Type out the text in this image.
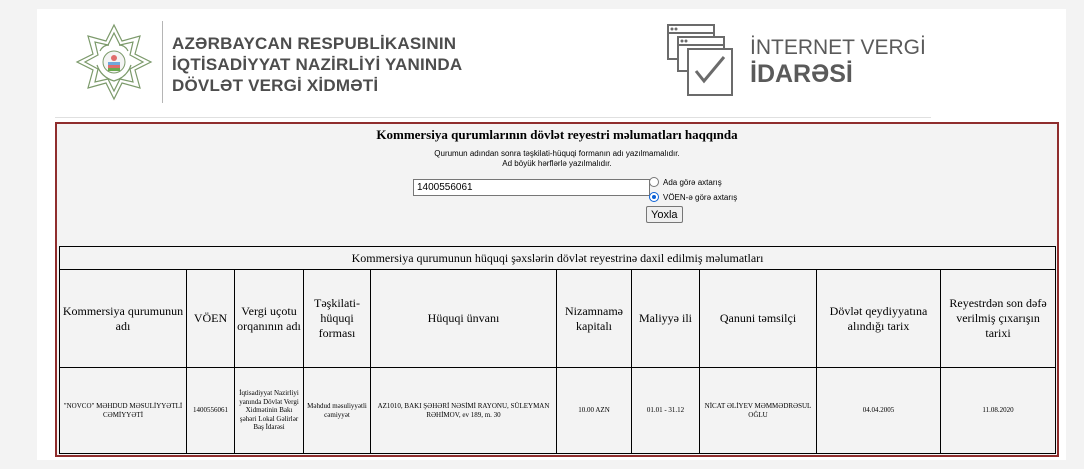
AZƏRBAYCAN RESPUBLİKASININ
İQTİSADİYYAT NAZİRLİYİ YANINDA
DÖVLƏT VERGİ XİDMƏTİ
İNTERNET VERGİ
İDARƏSİ
Kommersiya qurumlarının dövlət reyestri məlumatları haqqında
Qurumun adından sonra təşkilati-hüquqi formanın adı yazılmamalıdır.
Ad böyük hərflərlə yazılmalıdır.
1400556061
Ada görə axtarış
VÖEN-ə görə axtarış
Yoxla
Kommersiya qurumunun hüquqi şəxslərin dövlət reyestrinə daxil edilmiş məlumatları									
Kommersiya qurumunun adı	VÖEN	Vergi uçotu orqanının adı	Təşkilati-hüquqi forması	Hüquqi ünvanı	Nizamnamə kapitalı	Maliyyə ili	Qanuni təmsilçi	Dövlət qeydiyyatına alındığı tarix	Reyestrdən son dəfə verilmiş çıxarışın tarixi
"NOVCO" MƏHDUD MƏSULİYYƏTLİ CƏMİYYƏTİ	1400556061	İqtisadiyyat Nazirliyi yanında Dövlət Vergi Xidmətinin Bakı şəhəri Lokal Gəlirlər Baş İdarəsi	Məhdud məsuliyyətli cəmiyyət	AZ1010, BAKI ŞƏHƏRİ NƏSİMİ RAYONU, SÜLEYMAN RƏHİMOV, ev 189, m. 30	10.00 AZN	01.01 - 31.12	NİCAT ƏLİYEV MƏMMƏDRƏSUL OĞLU	04.04.2005	11.08.2020
